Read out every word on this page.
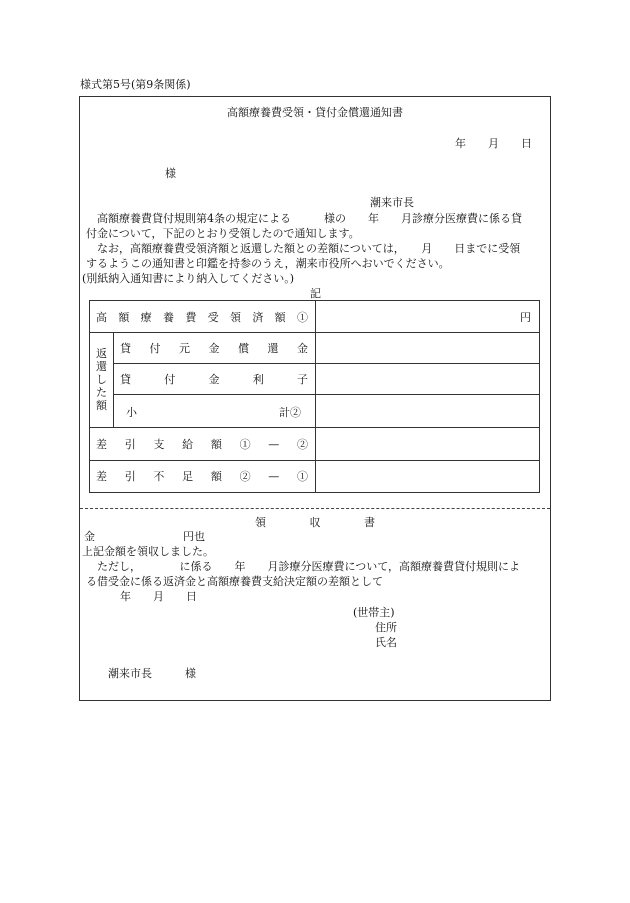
様式第5号(第9条関係)
高額療養費受領・貸付金償還通知書
年　　月　　日
様
潮来市長
　高額療養費貸付規則第4条の規定による　　　様の　　年　　月診療分医療費に係る貸
付金について，下記のとおり受領したので通知します。
　なお，高額療養費受領済額と返還した額との差額については，　　月　　日までに受領
するようこの通知書と印鑑を持参のうえ，潮来市役所へおいでください。
(別紙納入通知書により納入してください。)
記
高額療養費受領済額①		円
返還した額	貸付元金償還金	
	貸付金利子	

	小 計②	

差引支給額①—②		
差引不足額②—①		
領 収 書
金　　　　　　　　円也
上記金額を領収しました。
　ただし，　　　　に係る　　年　　月診療分医療費について，高額療養費貸付規則によ
る借受金に係る返済金と高額療養費支給決定額の差額として
年　　月　　日
(世帯主)
住所
氏名
潮来市長　　　様
